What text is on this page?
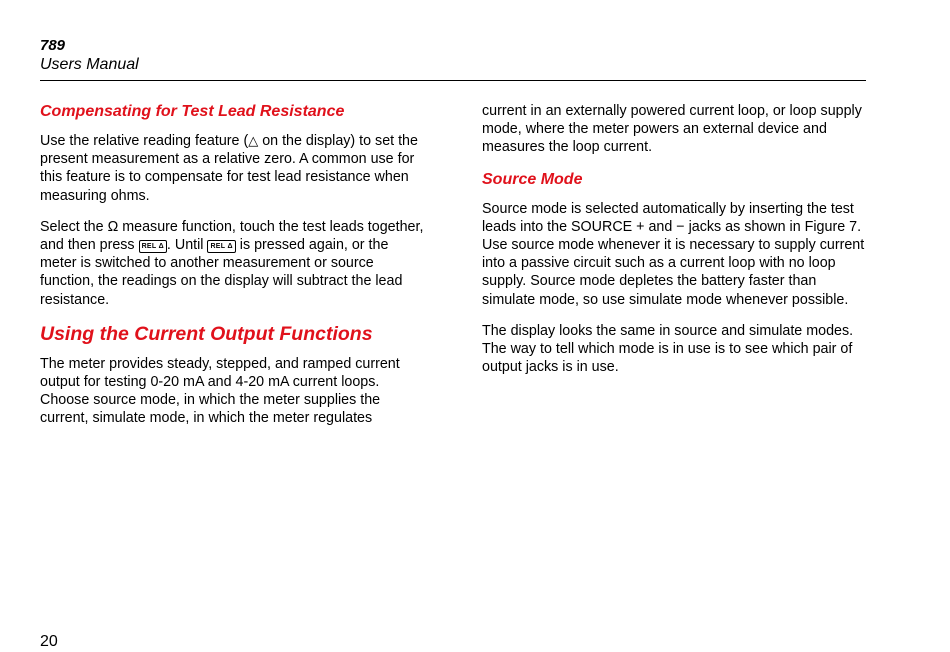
789
Users Manual
Compensating for Test Lead Resistance

Use the relative reading feature (△ on the display) to set the present measurement as a relative zero. A common use for this feature is to compensate for test lead resistance when measuring ohms.

Select the Ω measure function, touch the test leads together, and then press REL Δ . Until REL Δ is pressed again, or the meter is switched to another measurement or source function, the readings on the display will subtract the lead resistance.

Using the Current Output Functions

The meter provides steady, stepped, and ramped current output for testing 0-20 mA and 4-20 mA current loops. Choose source mode, in which the meter supplies the current, simulate mode, in which the meter regulates

current in an externally powered current loop, or loop supply mode, where the meter powers an external device and measures the loop current.

Source Mode

Source mode is selected automatically by inserting the test leads into the SOURCE + and − jacks as shown in Figure 7. Use source mode whenever it is necessary to supply current into a passive circuit such as a current loop with no loop supply. Source mode depletes the battery faster than simulate mode, so use simulate mode whenever possible.

The display looks the same in source and simulate modes. The way to tell which mode is in use is to see which pair of output jacks is in use.

20
